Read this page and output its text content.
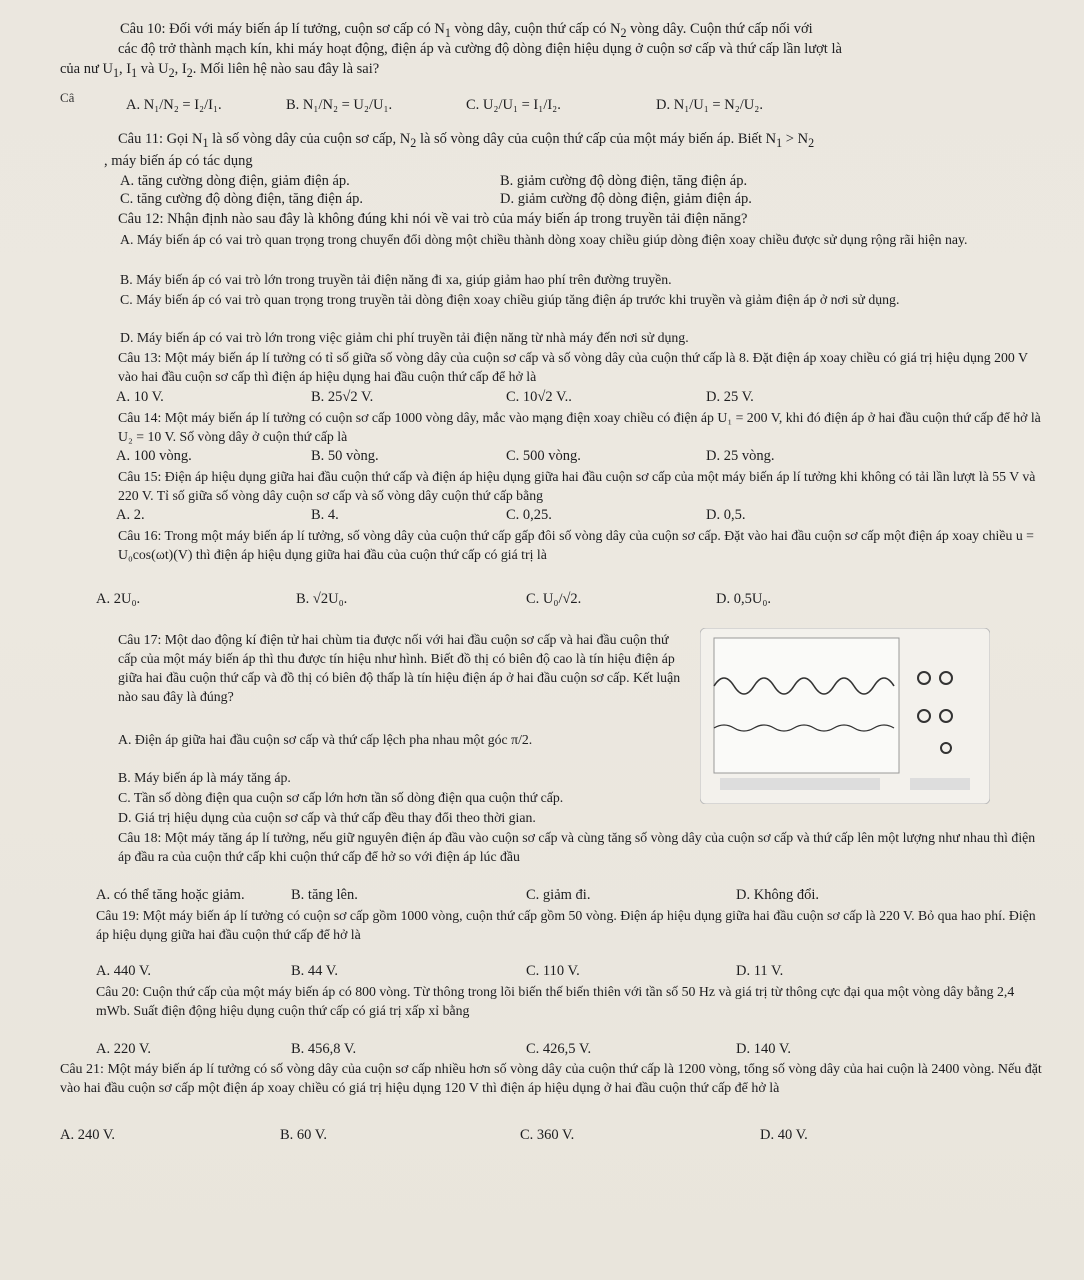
Câu 10: Đối với máy biến áp lí tưởng, cuộn sơ cấp có $N_1$ vòng dây, cuộn thứ cấp có $N_2$ vòng dây. Cuộn thứ cấp nối với
các độ trở thành mạch kín, khi máy hoạt động, điện áp và cường độ dòng điện hiệu dụng ở cuộn sơ cấp và thứ cấp lần lượt là
của nư $U_1$, $I_1$ và $U_2$, $I_2$. Mối liên hệ nào sau đây là sai?
Câ	A. N₁/N₂ = I₂/I₁.	B. N₁/N₂ = U₂/U₁.	C. U₂/U₁ = I₁/I₂.	D. N₁/U₁ = N₂/U₂.
Câu 11: Gọi $N_1$ là số vòng dây của cuộn sơ cấp, $N_2$ là số vòng dây của cuộn thứ cấp của một máy biến áp. Biết $N_1 > N_2$
, máy biến áp có tác dụng
A. tăng cường dòng điện, giảm điện áp.	B. giảm cường độ dòng điện, tăng điện áp.
C. tăng cường độ dòng điện, tăng điện áp.	D. giảm cường độ dòng điện, giảm điện áp.
Câu 12: Nhận định nào sau đây là không đúng khi nói về vai trò của máy biến áp trong truyền tải điện năng?
A. Máy biến áp có vai trò quan trọng trong chuyển đổi dòng một chiều thành dòng xoay chiều giúp dòng điện xoay chiều được sử dụng rộng rãi hiện nay.
B. Máy biến áp có vai trò lớn trong truyền tải điện năng đi xa, giúp giảm hao phí trên đường truyền.
C. Máy biến áp có vai trò quan trọng trong truyền tải dòng điện xoay chiều giúp tăng điện áp trước khi truyền và giảm điện áp ở nơi sử dụng.
D. Máy biến áp có vai trò lớn trong việc giảm chi phí truyền tải điện năng từ nhà máy đến nơi sử dụng.
Câu 13: Một máy biến áp lí tưởng có tỉ số giữa số vòng dây của cuộn sơ cấp và số vòng dây của cuộn thứ cấp là 8. Đặt điện áp xoay chiều có giá trị hiệu dụng 200 V vào hai đầu cuộn sơ cấp thì điện áp hiệu dụng hai đầu cuộn thứ cấp để hở là
A. 10 V.	B. 25√2 V.	C. 10√2 V..	D. 25 V.
Câu 14: Một máy biến áp lí tưởng có cuộn sơ cấp 1000 vòng dây, mắc vào mạng điện xoay chiều có điện áp U₁ = 200 V, khi đó điện áp ở hai đầu cuộn thứ cấp để hở là U₂ = 10 V. Số vòng dây ở cuộn thứ cấp là
A. 100 vòng.	B. 50 vòng.	C. 500 vòng.	D. 25 vòng.
Câu 15: Điện áp hiệu dụng giữa hai đầu cuộn thứ cấp và điện áp hiệu dụng giữa hai đầu cuộn sơ cấp của một máy biến áp lí tưởng khi không có tải lần lượt là 55 V và 220 V. Tỉ số giữa số vòng dây cuộn sơ cấp và số vòng dây cuộn thứ cấp bằng
A. 2.	B. 4.	C. 0,25.	D. 0,5.
Câu 16: Trong một máy biến áp lí tưởng, số vòng dây của cuộn thứ cấp gấp đôi số vòng dây của cuộn sơ cấp. Đặt vào hai đầu cuộn sơ cấp một điện áp xoay chiều u = U₀cos(ωt)(V) thì điện áp hiệu dụng giữa hai đầu của cuộn thứ cấp có giá trị là
A. 2U₀.	B. √2U₀.	C. U₀/√2.	D. 0,5U₀.
Câu 17: Một dao động kí điện tử hai chùm tia được nối với hai đầu cuộn sơ cấp và hai đầu cuộn thứ cấp của một máy biến áp thì thu được tín hiệu như hình. Biết đồ thị có biên độ cao là tín hiệu điện áp giữa hai đầu cuộn thứ cấp và đồ thị có biên độ thấp là tín hiệu điện áp ở hai đầu cuộn sơ cấp. Kết luận nào sau đây là đúng?
A. Điện áp giữa hai đầu cuộn sơ cấp và thứ cấp lệch pha nhau một góc π/2.
B. Máy biến áp là máy tăng áp.
C. Tần số dòng điện qua cuộn sơ cấp lớn hơn tần số dòng điện qua cuộn thứ cấp.
D. Giá trị hiệu dụng của cuộn sơ cấp và thứ cấp đều thay đổi theo thời gian.
Câu 18: Một máy tăng áp lí tưởng, nếu giữ nguyên điện áp đầu vào cuộn sơ cấp và cùng tăng số vòng dây của cuộn sơ cấp và thứ cấp lên một lượng như nhau thì điện áp đầu ra của cuộn thứ cấp khi cuộn thứ cấp để hở so với điện áp lúc đầu
A. có thể tăng hoặc giảm.	B. tăng lên.	C. giảm đi.	D. Không đổi.
Câu 19: Một máy biến áp lí tưởng có cuộn sơ cấp gồm 1000 vòng, cuộn thứ cấp gồm 50 vòng. Điện áp hiệu dụng giữa hai đầu cuộn sơ cấp là 220 V. Bỏ qua hao phí. Điện áp hiệu dụng giữa hai đầu cuộn thứ cấp để hở là
A. 440 V.	B. 44 V.	C. 110 V.	D. 11 V.
Câu 20: Cuộn thứ cấp của một máy biến áp có 800 vòng. Từ thông trong lõi biến thế biến thiên với tần số 50 Hz và giá trị từ thông cực đại qua một vòng dây bằng 2,4 mWb. Suất điện động hiệu dụng cuộn thứ cấp có giá trị xấp xỉ bằng
A. 220 V.	B. 456,8 V.	C. 426,5 V.	D. 140 V.
Câu 21: Một máy biến áp lí tưởng có số vòng dây của cuộn sơ cấp nhiều hơn số vòng dây của cuộn thứ cấp là 1200 vòng, tổng số vòng dây của hai cuộn là 2400 vòng. Nếu đặt vào hai đầu cuộn sơ cấp một điện áp xoay chiều có giá trị hiệu dụng 120 V thì điện áp hiệu dụng ở hai đầu cuộn thứ cấp để hở là
A. 240 V.	B. 60 V.	C. 360 V.	D. 40 V.
